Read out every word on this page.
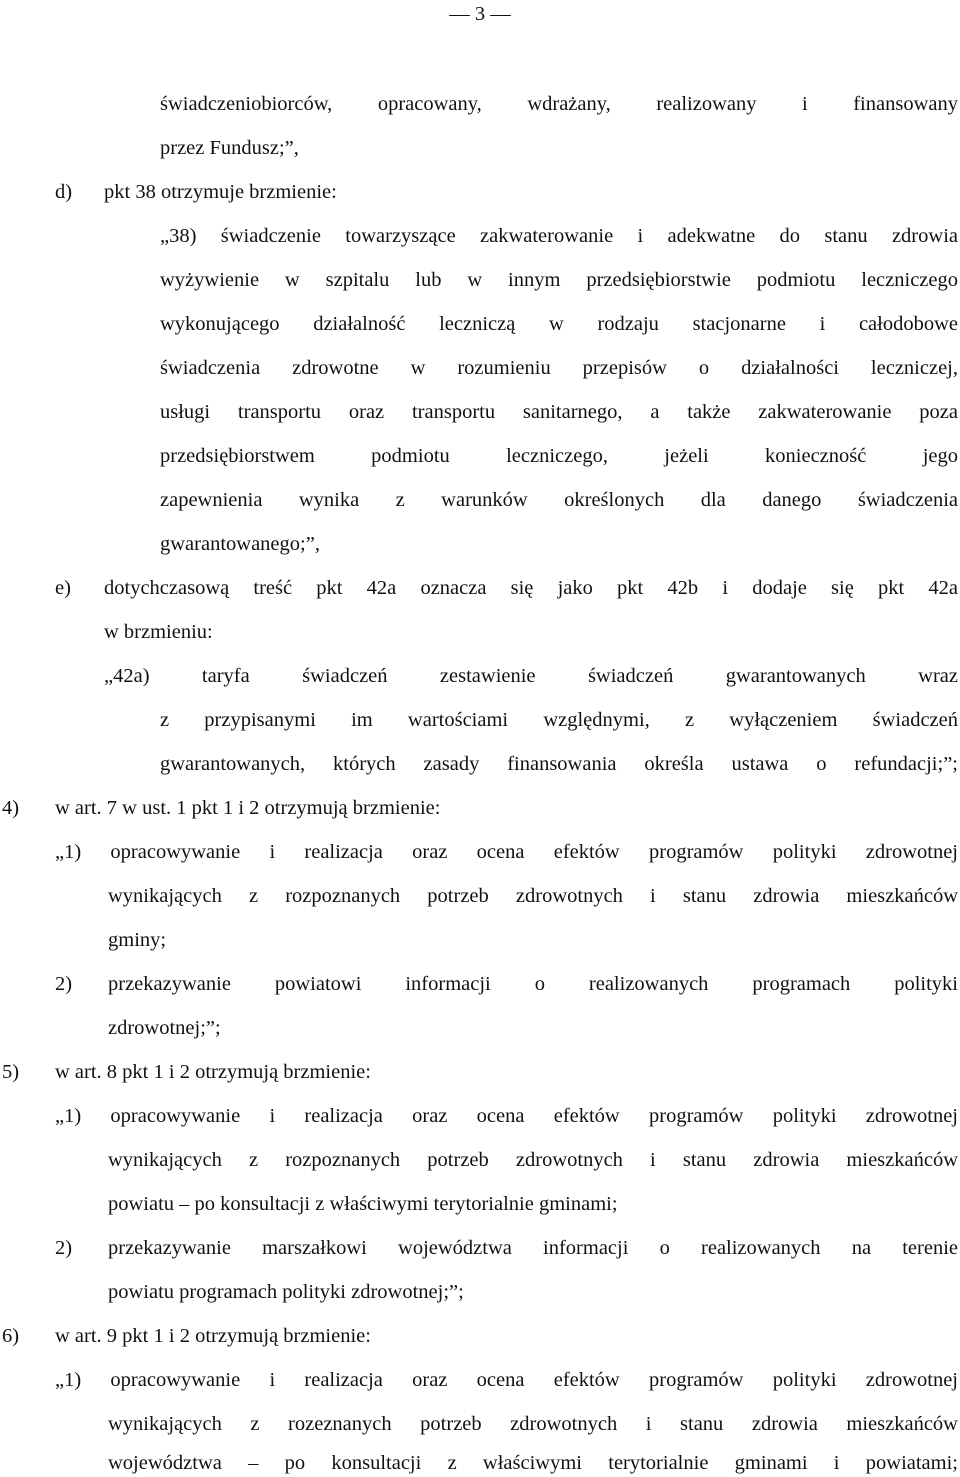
— 3 —
świadczeniobiorców, opracowany, wdrażany, realizowany i finansowany
przez Fundusz;”,
d) pkt 38 otrzymuje brzmienie:
„38) świadczenie towarzyszące zakwaterowanie i adekwatne do stanu zdrowia
wyżywienie w szpitalu lub w innym przedsiębiorstwie podmiotu leczniczego
wykonującego działalność leczniczą w rodzaju stacjonarne i całodobowe
świadczenia zdrowotne w rozumieniu przepisów o działalności leczniczej,
usługi transportu oraz transportu sanitarnego, a także zakwaterowanie poza
przedsiębiorstwem podmiotu leczniczego, jeżeli konieczność jego
zapewnienia wynika z warunków określonych dla danego świadczenia
gwarantowanego;”,
e) dotychczasową treść pkt 42a oznacza się jako pkt 42b i dodaje się pkt 42a
w brzmieniu:
„42a) taryfa świadczeń zestawienie świadczeń gwarantowanych wraz
z przypisanymi im wartościami względnymi, z wyłączeniem świadczeń
gwarantowanych, których zasady finansowania określa ustawa o refundacji;”;
4) w art. 7 w ust. 1 pkt 1 i 2 otrzymują brzmienie:
„1) opracowywanie i realizacja oraz ocena efektów programów polityki zdrowotnej
wynikających z rozpoznanych potrzeb zdrowotnych i stanu zdrowia mieszkańców
gminy;
2) przekazywanie powiatowi informacji o realizowanych programach polityki
zdrowotnej;”;
5) w art. 8 pkt 1 i 2 otrzymują brzmienie:
„1) opracowywanie i realizacja oraz ocena efektów programów polityki zdrowotnej
wynikających z rozpoznanych potrzeb zdrowotnych i stanu zdrowia mieszkańców
powiatu – po konsultacji z właściwymi terytorialnie gminami;
2) przekazywanie marszałkowi województwa informacji o realizowanych na terenie
powiatu programach polityki zdrowotnej;”;
6) w art. 9 pkt 1 i 2 otrzymują brzmienie:
„1) opracowywanie i realizacja oraz ocena efektów programów polityki zdrowotnej
wynikających z rozeznanych potrzeb zdrowotnych i stanu zdrowia mieszkańców
województwa – po konsultacji z właściwymi terytorialnie gminami i powiatami;
